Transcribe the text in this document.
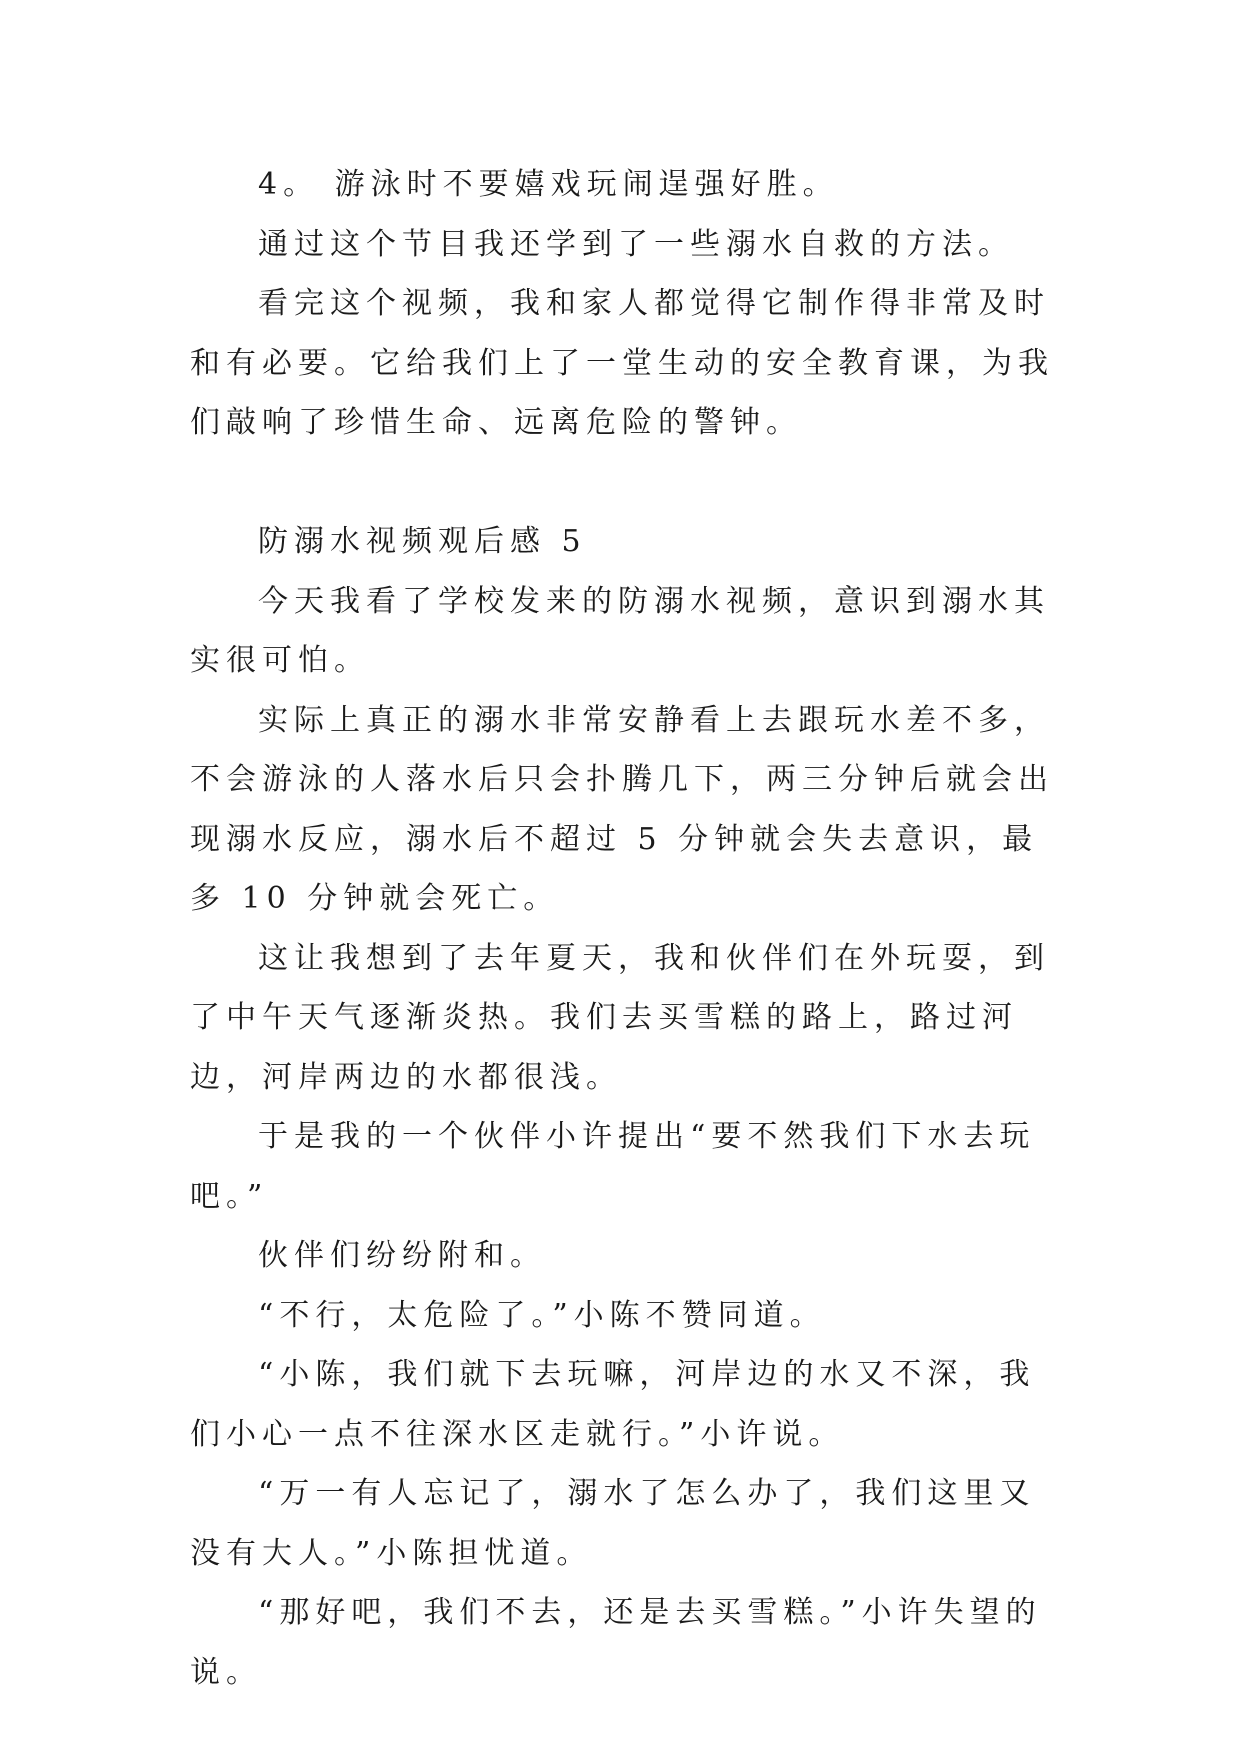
4。 游泳时不要嬉戏玩闹逞强好胜。

通过这个节目我还学到了一些溺水自救的方法。

看完这个视频，我和家人都觉得它制作得非常及时和有必要。它给我们上了一堂生动的安全教育课，为我们敲响了珍惜生命、远离危险的警钟。

防溺水视频观后感 5

今天我看了学校发来的防溺水视频，意识到溺水其实很可怕。

实际上真正的溺水非常安静看上去跟玩水差不多，不会游泳的人落水后只会扑腾几下，两三分钟后就会出现溺水反应，溺水后不超过 5 分钟就会失去意识，最多 10 分钟就会死亡。

这让我想到了去年夏天，我和伙伴们在外玩耍，到了中午天气逐渐炎热。我们去买雪糕的路上，路过河边，河岸两边的水都很浅。

于是我的一个伙伴小许提出“要不然我们下水去玩吧。”

伙伴们纷纷附和。

“不行，太危险了。”小陈不赞同道。

“小陈，我们就下去玩嘛，河岸边的水又不深，我们小心一点不往深水区走就行。”小许说。

“万一有人忘记了，溺水了怎么办了，我们这里又没有大人。”小陈担忧道。

“那好吧，我们不去，还是去买雪糕。”小许失望的说。
